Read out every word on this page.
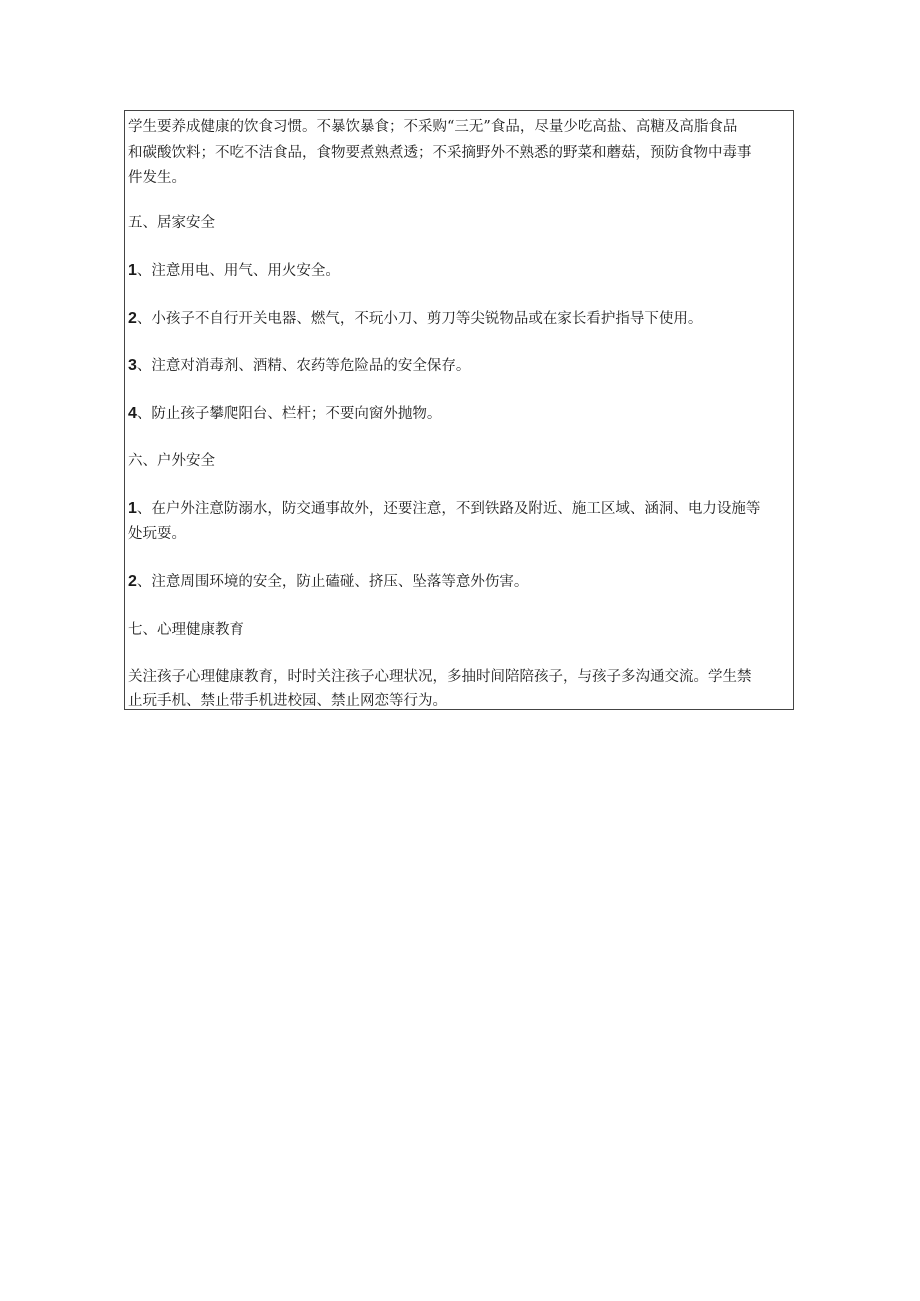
学生要养成健康的饮食习惯。不暴饮暴食；不采购“三无”食品，尽量少吃高盐、高糖及高脂食品
和碳酸饮料；不吃不洁食品，食物要煮熟煮透；不采摘野外不熟悉的野菜和蘑菇，预防食物中毒事
件发生。
五、居家安全
1、注意用电、用气、用火安全。
2、小孩子不自行开关电器、燃气，不玩小刀、剪刀等尖锐物品或在家长看护指导下使用。
3、注意对消毒剂、酒精、农药等危险品的安全保存。
4、防止孩子攀爬阳台、栏杆；不要向窗外抛物。
六、户外安全
1、在户外注意防溺水，防交通事故外，还要注意，不到铁路及附近、施工区域、涵洞、电力设施等
处玩耍。
2、注意周围环境的安全，防止磕碰、挤压、坠落等意外伤害。
七、心理健康教育
关注孩子心理健康教育，时时关注孩子心理状况，多抽时间陪陪孩子，与孩子多沟通交流。学生禁
止玩手机、禁止带手机进校园、禁止网恋等行为。
